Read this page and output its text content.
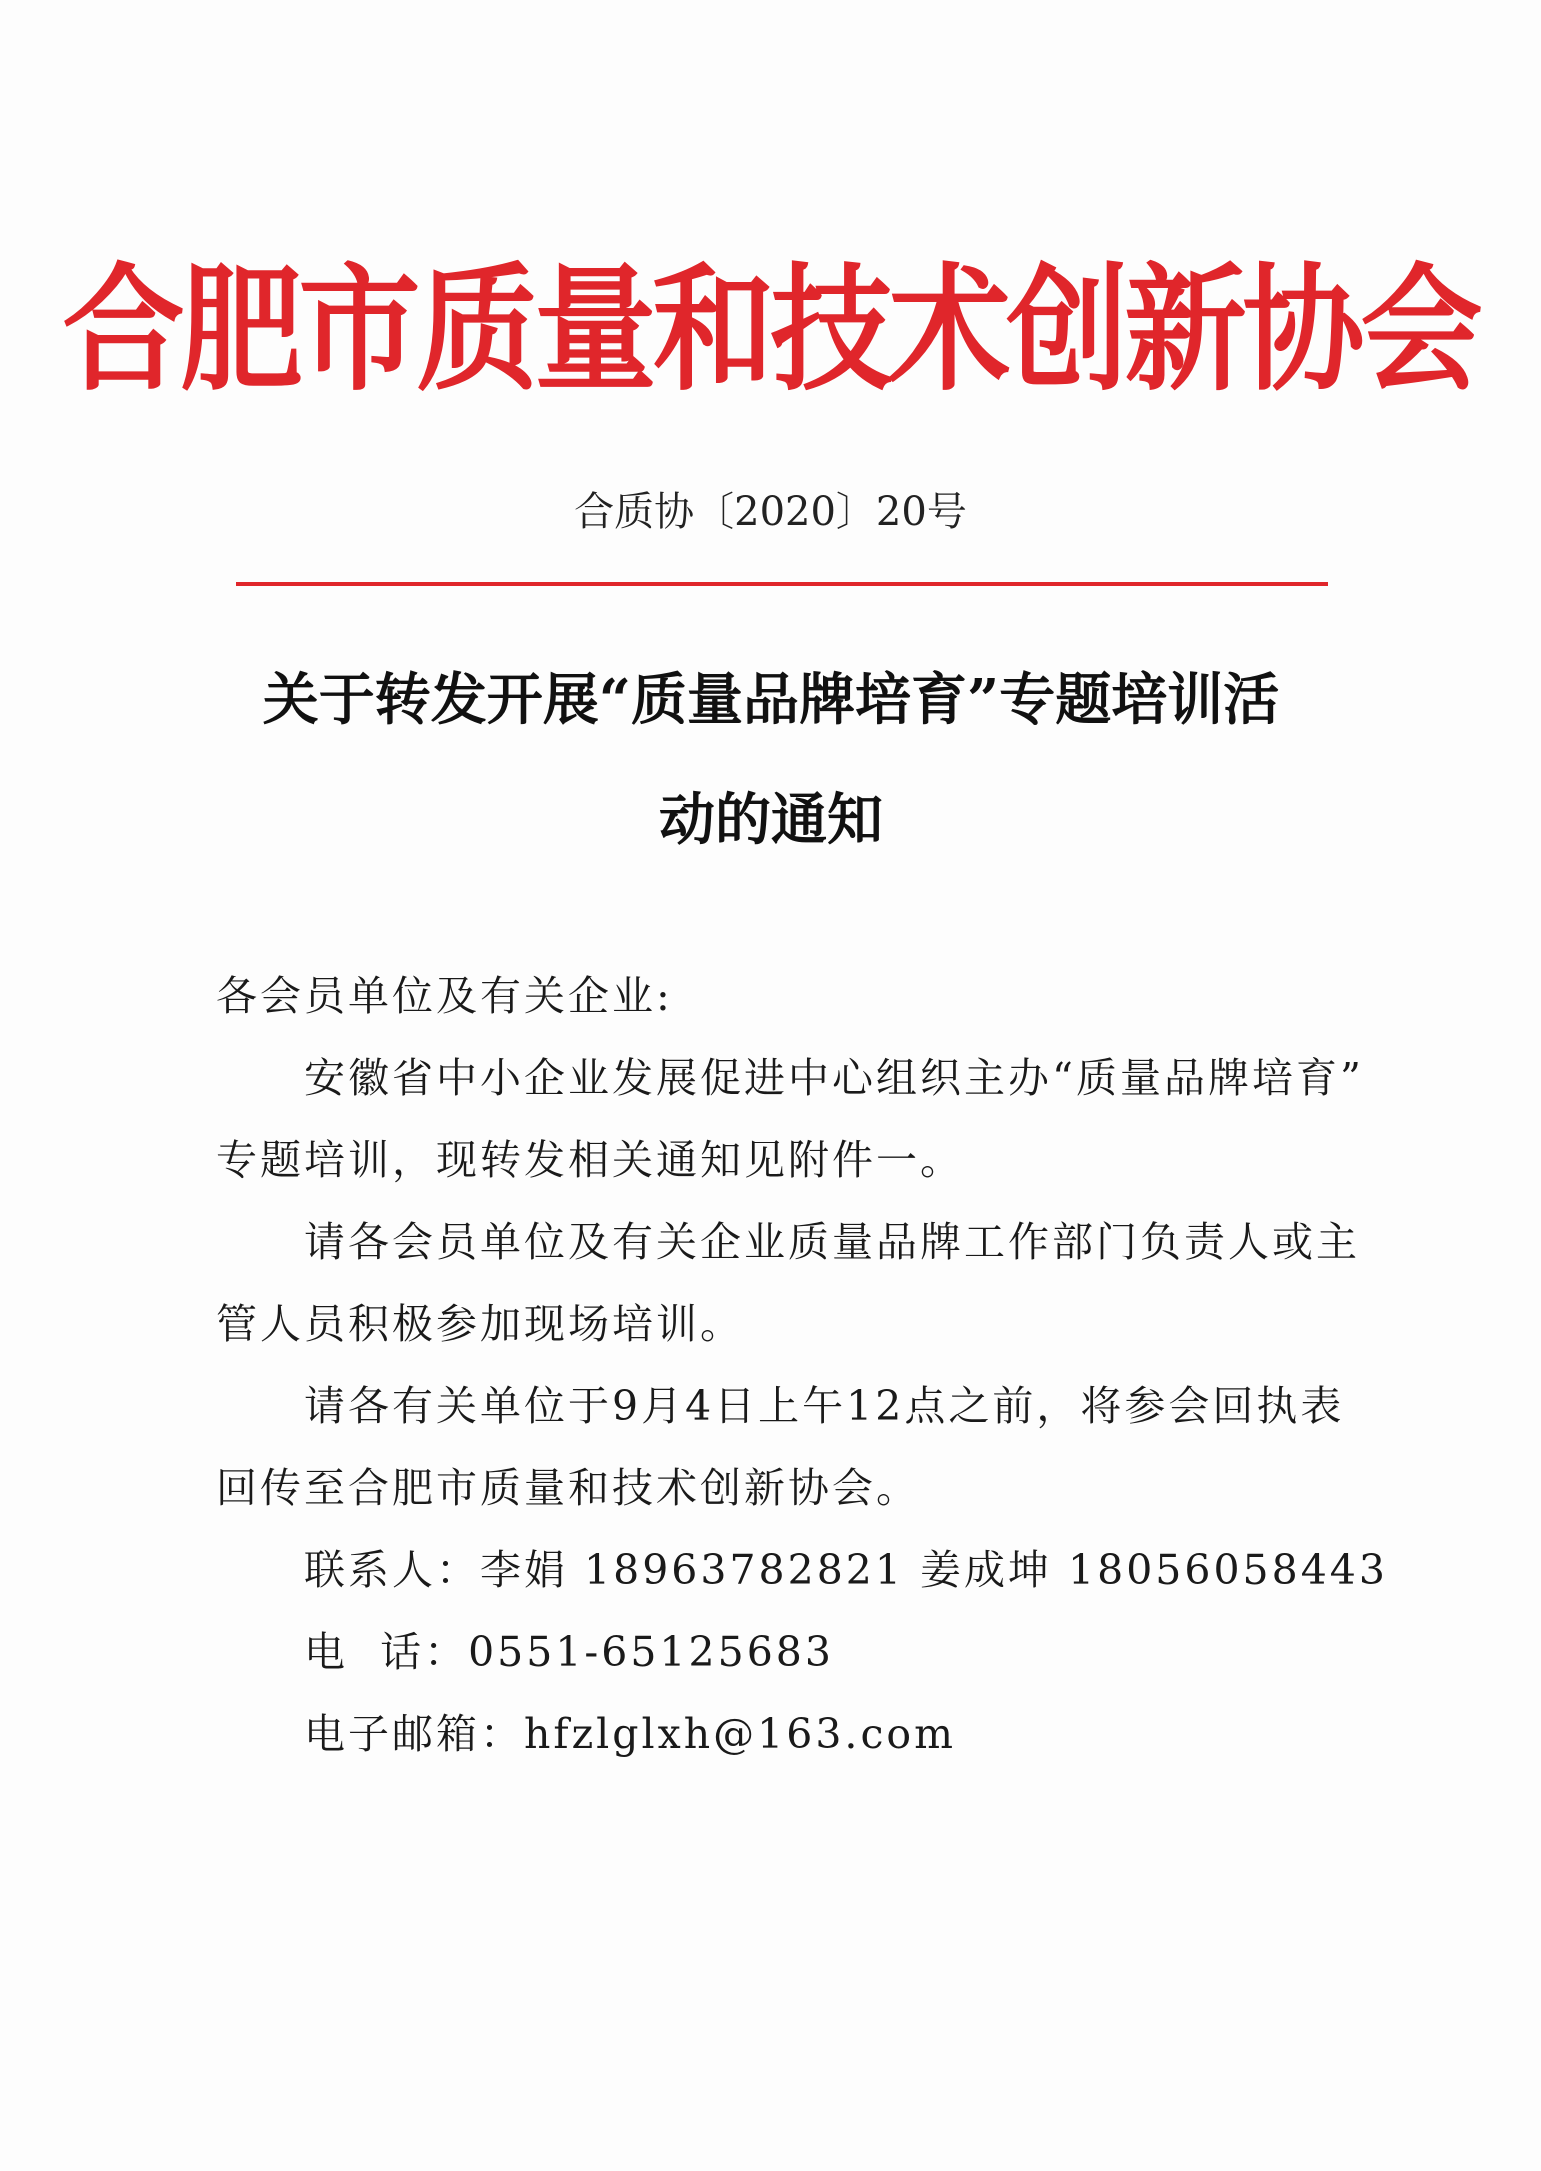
合肥市质量和技术创新协会
合质协〔2020〕20号
关于转发开展“质量品牌培育”专题培训活
动的通知

各会员单位及有关企业:

安徽省中小企业发展促进中心组织主办“质量品牌培育”

专题培训，现转发相关通知见附件一。

请各会员单位及有关企业质量品牌工作部门负责人或主

管人员积极参加现场培训。

请各有关单位于9月4日上午12点之前，将参会回执表

回传至合肥市质量和技术创新协会。

联系人：李娟 18963782821 姜成坤 18056058443

电  话：0551-65125683

电子邮箱：hfzlglxh@163.com
